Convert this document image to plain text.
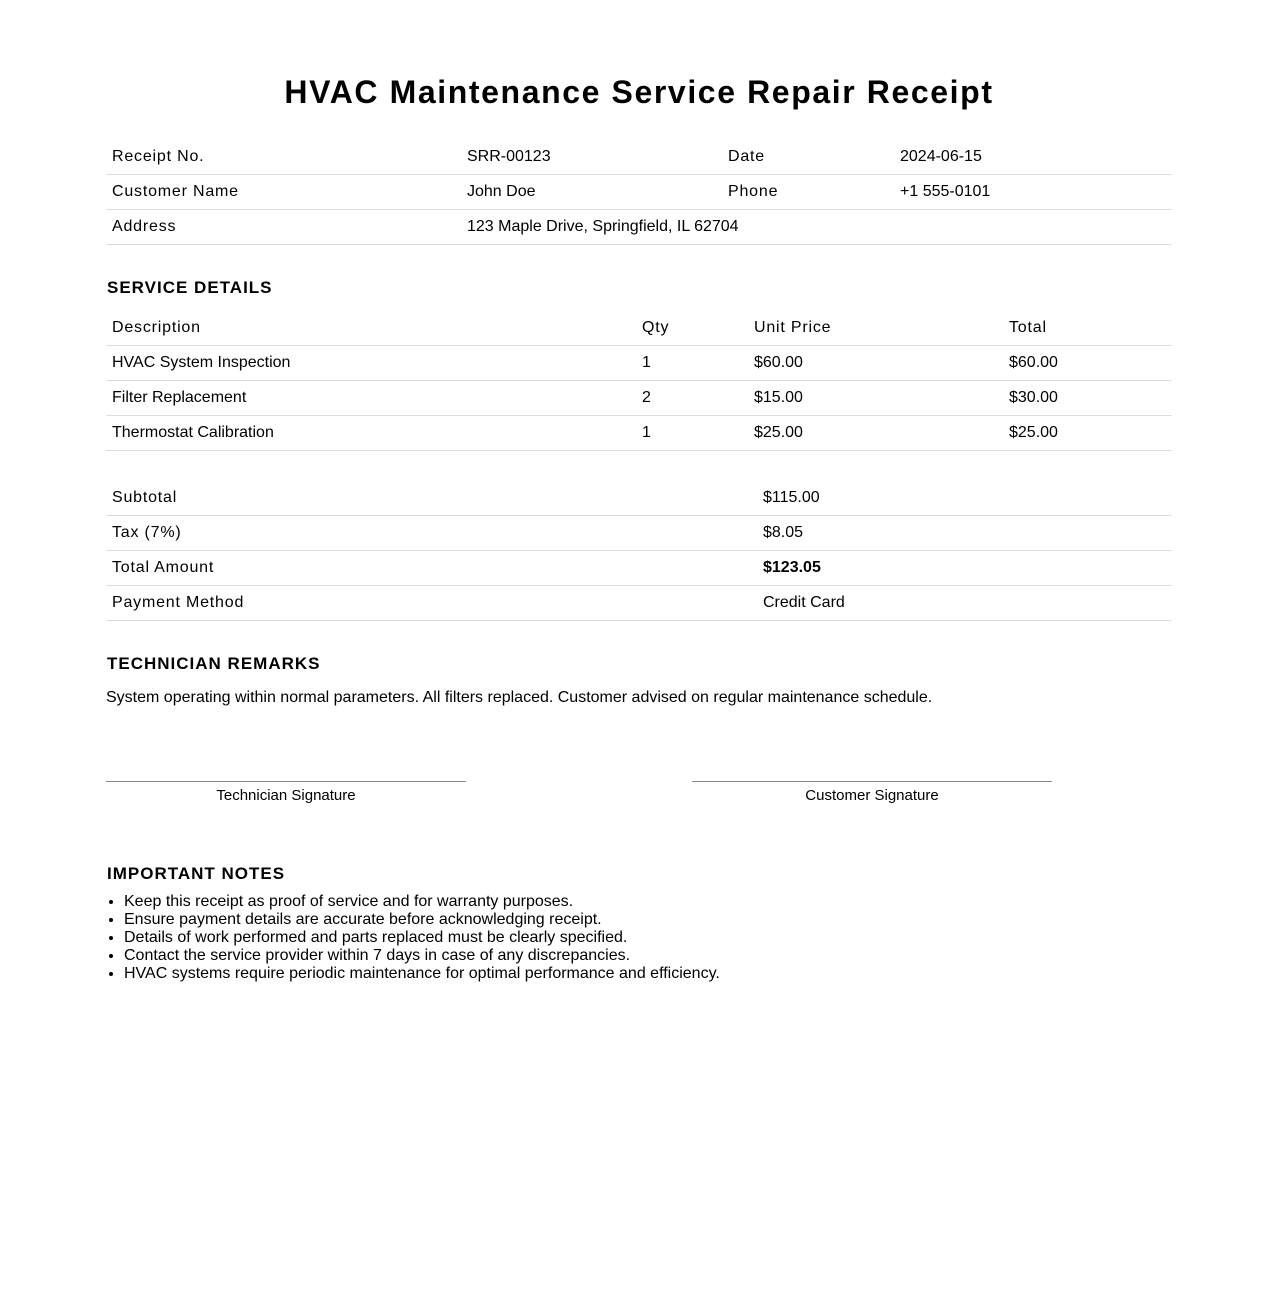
HVAC Maintenance Service Repair Receipt
Receipt No.	SRR-00123	Date	2024-06-15
Customer Name	John Doe	Phone	+1 555-0101
Address	123 Maple Drive, Springfield, IL 62704		
SERVICE DETAILS
Description	Qty	Unit Price	Total
HVAC System Inspection	1	$60.00	$60.00
Filter Replacement	2	$15.00	$30.00
Thermostat Calibration	1	$25.00	$25.00
Subtotal	$115.00
Tax (7%)	$8.05
Total Amount	$123.05
Payment Method	Credit Card
TECHNICIAN REMARKS

System operating within normal parameters. All filters replaced. Customer advised on regular maintenance schedule.

Technician Signature	Customer Signature
IMPORTANT NOTES
• Keep this receipt as proof of service and for warranty purposes.
• Ensure payment details are accurate before acknowledging receipt.
• Details of work performed and parts replaced must be clearly specified.
• Contact the service provider within 7 days in case of any discrepancies.
• HVAC systems require periodic maintenance for optimal performance and efficiency.
